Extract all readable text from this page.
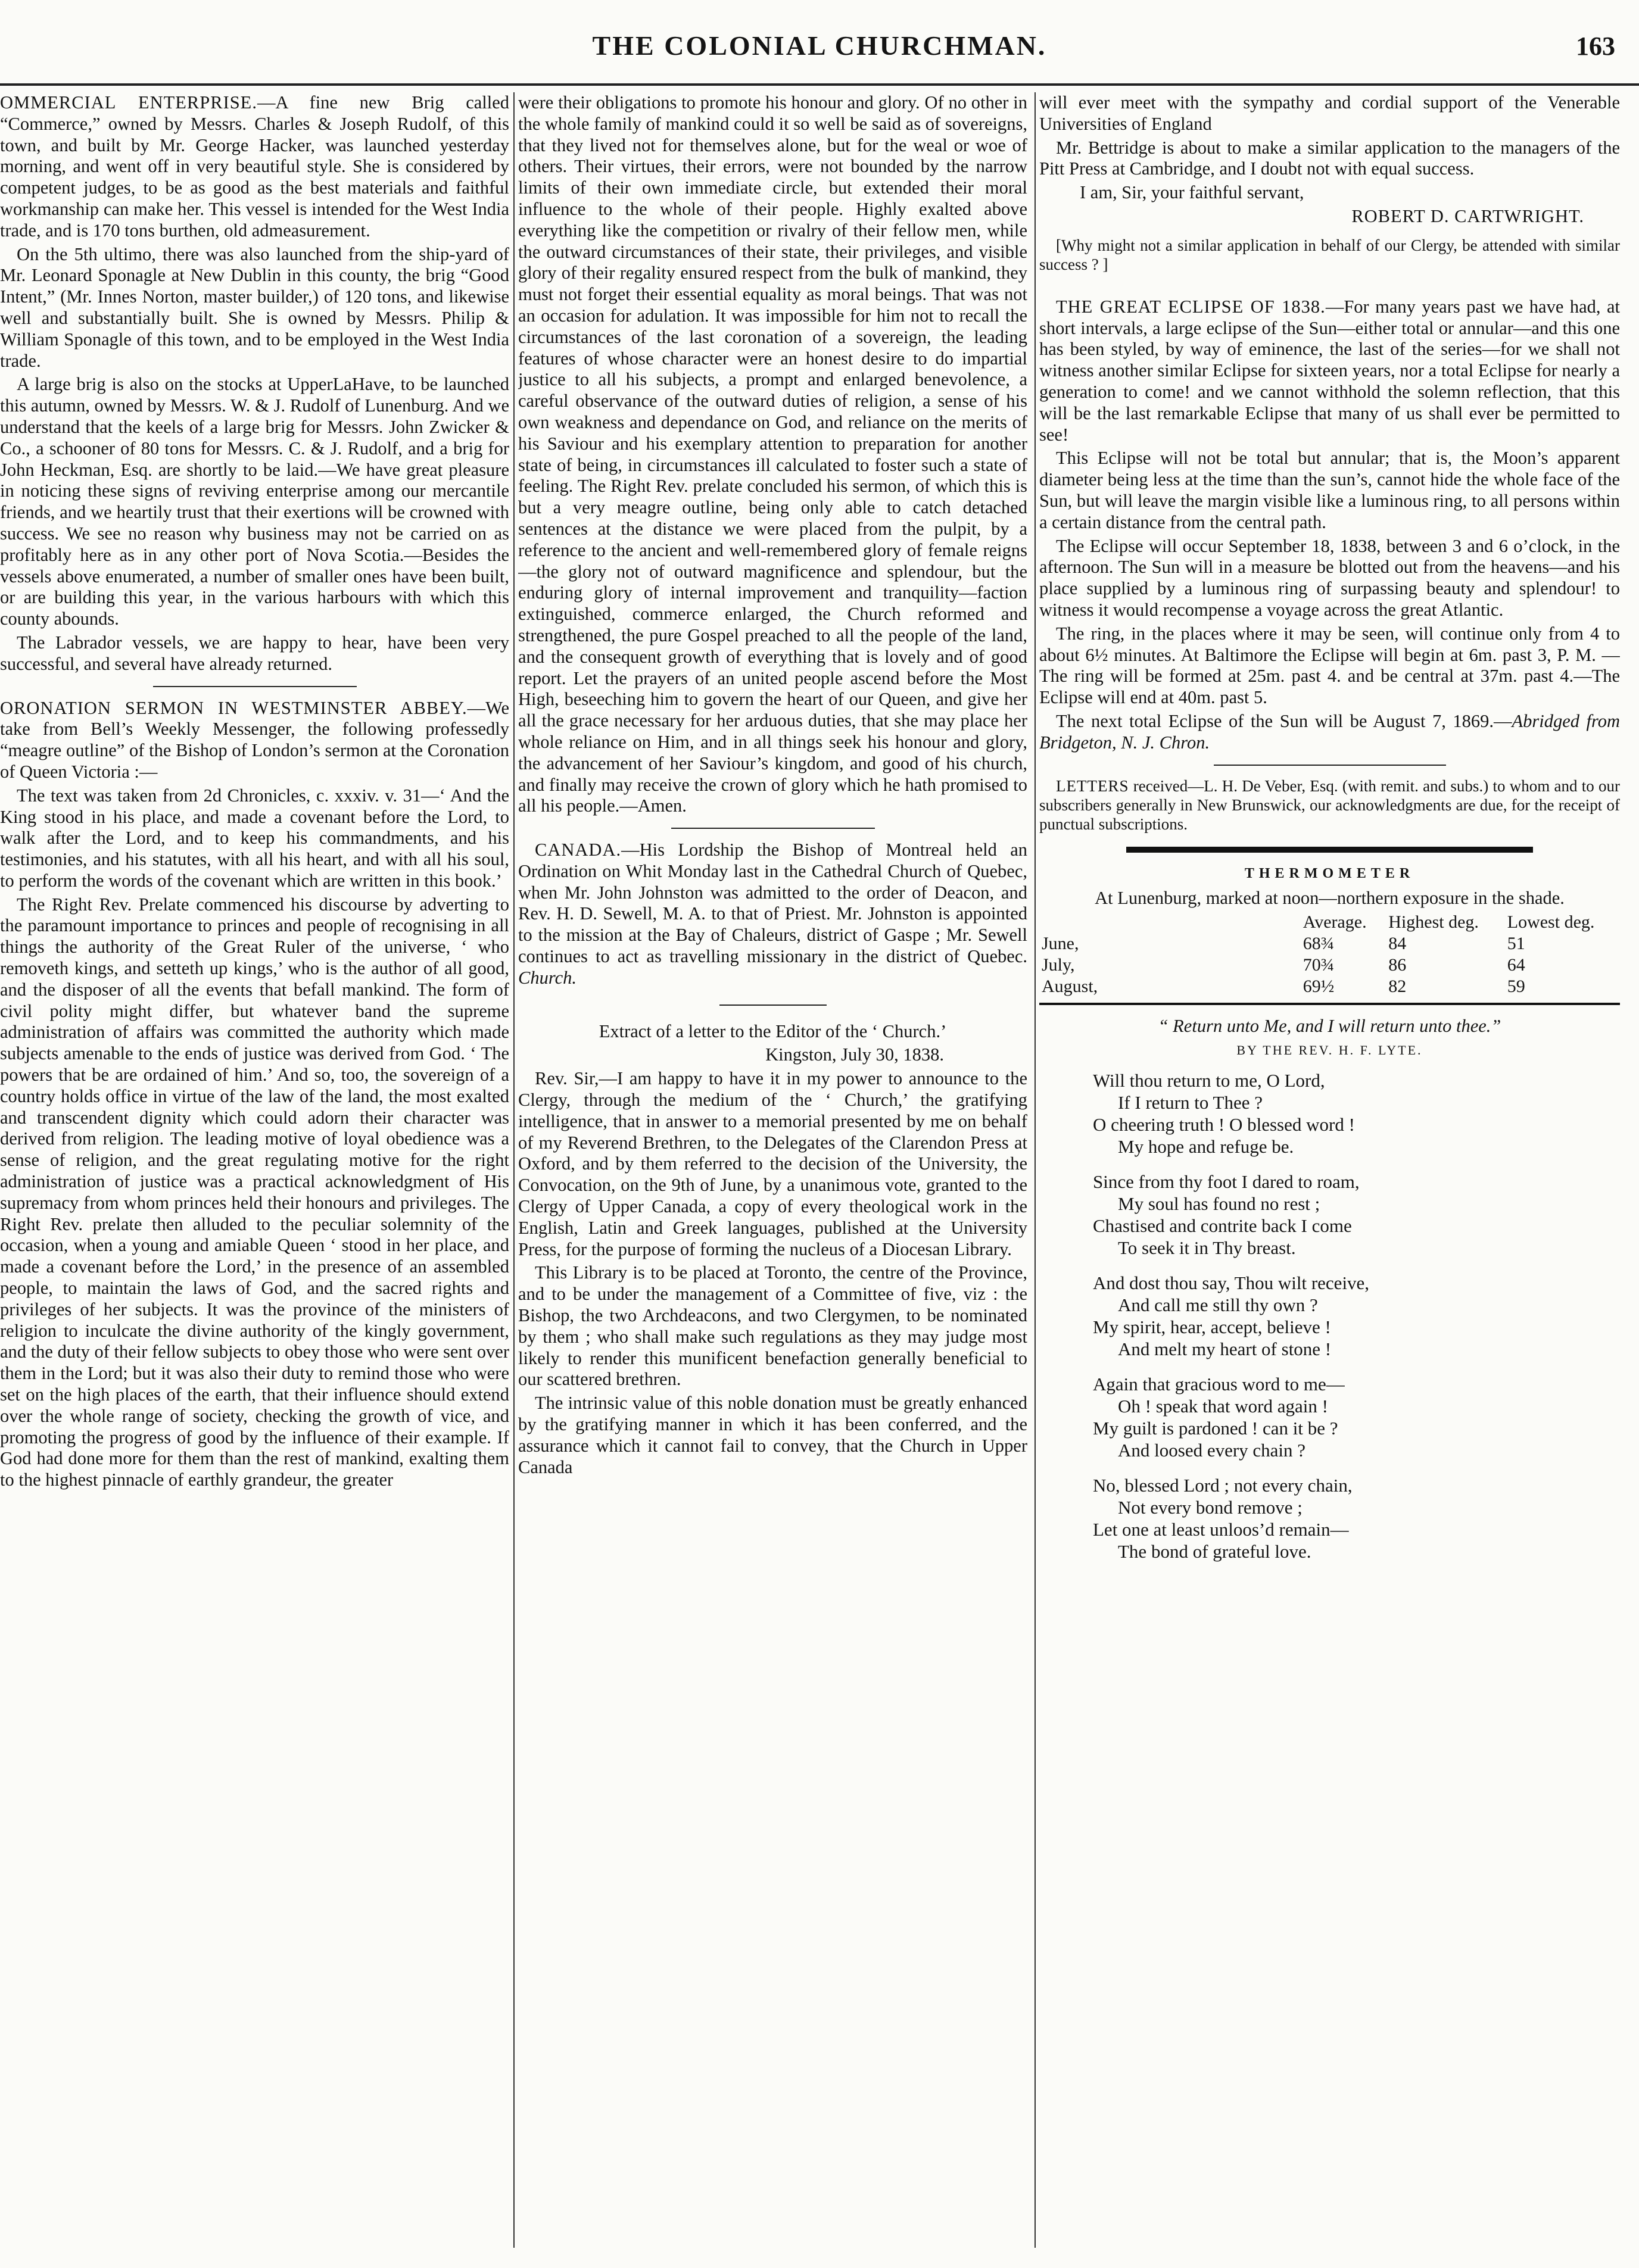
THE COLONIAL CHURCHMAN.	163

OMMERCIAL ENTERPRISE.—A fine new Brig called “Commerce,” owned by Messrs. Charles & Joseph Rudolf, of this town, and built by Mr. George Hacker, was launched yesterday morning, and went off in very beautiful style. She is considered by competent judges, to be as good as the best materials and faithful workmanship can make her. This vessel is intended for the West India trade, and is 170 tons burthen, old admeasurement.

On the 5th ultimo, there was also launched from the ship-yard of Mr. Leonard Sponagle at New Dublin in this county, the brig “Good Intent,” (Mr. Innes Norton, master builder,) of 120 tons, and likewise well and substantially built. She is owned by Messrs. Philip & William Sponagle of this town, and to be employed in the West India trade.

A large brig is also on the stocks at UpperLaHave, to be launched this autumn, owned by Messrs. W. & J. Rudolf of Lunenburg. And we understand that the keels of a large brig for Messrs. John Zwicker & Co., a schooner of 80 tons for Messrs. C. & J. Rudolf, and a brig for John Heckman, Esq. are shortly to be laid.—We have great pleasure in noticing these signs of reviving enterprise among our mercantile friends, and we heartily trust that their exertions will be crowned with success. We see no reason why business may not be carried on as profitably here as in any other port of Nova Scotia.—Besides the vessels above enumerated, a number of smaller ones have been built, or are building this year, in the various harbours with which this county abounds.

The Labrador vessels, we are happy to hear, have been very successful, and several have already returned.

ORONATION SERMON IN WESTMINSTER ABBEY.—We take from Bell’s Weekly Messenger, the following professedly “meagre outline” of the Bishop of London’s sermon at the Coronation of Queen Victoria :—

The text was taken from 2d Chronicles, c. xxxiv. v. 31—‘ And the King stood in his place, and made a covenant before the Lord, to walk after the Lord, and to keep his commandments, and his testimonies, and his statutes, with all his heart, and with all his soul, to perform the words of the covenant which are written in this book.’

The Right Rev. Prelate commenced his discourse by adverting to the paramount importance to princes and people of recognising in all things the authority of the Great Ruler of the universe, ‘ who removeth kings, and setteth up kings,’ who is the author of all good, and the disposer of all the events that befall mankind. The form of civil polity might differ, but whatever band the supreme administration of affairs was committed the authority which made subjects amenable to the ends of justice was derived from God. ‘ The powers that be are ordained of him.’ And so, too, the sovereign of a country holds office in virtue of the law of the land, the most exalted and transcendent dignity which could adorn their character was derived from religion. The leading motive of loyal obedience was a sense of religion, and the great regulating motive for the right administration of justice was a practical acknowledgment of His supremacy from whom princes held their honours and privileges. The Right Rev. prelate then alluded to the peculiar solemnity of the occasion, when a young and amiable Queen ‘ stood in her place, and made a covenant before the Lord,’ in the presence of an assembled people, to maintain the laws of God, and the sacred rights and privileges of her subjects. It was the province of the ministers of religion to inculcate the divine authority of the kingly government, and the duty of their fellow subjects to obey those who were sent over them in the Lord; but it was also their duty to remind those who were set on the high places of the earth, that their influence should extend over the whole range of society, checking the growth of vice, and promoting the progress of good by the influence of their example. If God had done more for them than the rest of mankind, exalting them to the highest pinnacle of earthly grandeur, the greater

were their obligations to promote his honour and glory. Of no other in the whole family of mankind could it so well be said as of sovereigns, that they lived not for themselves alone, but for the weal or woe of others. Their virtues, their errors, were not bounded by the narrow limits of their own immediate circle, but extended their moral influence to the whole of their people. Highly exalted above everything like the competition or rivalry of their fellow men, while the outward circumstances of their state, their privileges, and visible glory of their regality ensured respect from the bulk of mankind, they must not forget their essential equality as moral beings. That was not an occasion for adulation. It was impossible for him not to recall the circumstances of the last coronation of a sovereign, the leading features of whose character were an honest desire to do impartial justice to all his subjects, a prompt and enlarged benevolence, a careful observance of the outward duties of religion, a sense of his own weakness and dependance on God, and reliance on the merits of his Saviour and his exemplary attention to preparation for another state of being, in circumstances ill calculated to foster such a state of feeling. The Right Rev. prelate concluded his sermon, of which this is but a very meagre outline, being only able to catch detached sentences at the distance we were placed from the pulpit, by a reference to the ancient and well-remembered glory of female reigns—the glory not of outward magnificence and splendour, but the enduring glory of internal improvement and tranquility—faction extinguished, commerce enlarged, the Church reformed and strengthened, the pure Gospel preached to all the people of the land, and the consequent growth of everything that is lovely and of good report. Let the prayers of an united people ascend before the Most High, beseeching him to govern the heart of our Queen, and give her all the grace necessary for her arduous duties, that she may place her whole reliance on Him, and in all things seek his honour and glory, the advancement of her Saviour’s kingdom, and good of his church, and finally may receive the crown of glory which he hath promised to all his people.—Amen.

CANADA.—His Lordship the Bishop of Montreal held an Ordination on Whit Monday last in the Cathedral Church of Quebec, when Mr. John Johnston was admitted to the order of Deacon, and Rev. H. D. Sewell, M. A. to that of Priest. Mr. Johnston is appointed to the mission at the Bay of Chaleurs, district of Gaspe ; Mr. Sewell continues to act as travelling missionary in the district of Quebec. Church.

Extract of a letter to the Editor of the ‘ Church.’

Kingston, July 30, 1838.

Rev. Sir,—I am happy to have it in my power to announce to the Clergy, through the medium of the ‘ Church,’ the gratifying intelligence, that in answer to a memorial presented by me on behalf of my Reverend Brethren, to the Delegates of the Clarendon Press at Oxford, and by them referred to the decision of the University, the Convocation, on the 9th of June, by a unanimous vote, granted to the Clergy of Upper Canada, a copy of every theological work in the English, Latin and Greek languages, published at the University Press, for the purpose of forming the nucleus of a Diocesan Library.

This Library is to be placed at Toronto, the centre of the Province, and to be under the management of a Committee of five, viz : the Bishop, the two Archdeacons, and two Clergymen, to be nominated by them ; who shall make such regulations as they may judge most likely to render this munificent benefaction generally beneficial to our scattered brethren.

The intrinsic value of this noble donation must be greatly enhanced by the gratifying manner in which it has been conferred, and the assurance which it cannot fail to convey, that the Church in Upper Canada

will ever meet with the sympathy and cordial support of the Venerable Universities of England

Mr. Bettridge is about to make a similar application to the managers of the Pitt Press at Cambridge, and I doubt not with equal success.

I am, Sir, your faithful servant,

ROBERT D. CARTWRIGHT.

[Why might not a similar application in behalf of our Clergy, be attended with similar success ? ]

THE GREAT ECLIPSE OF 1838.—For many years past we have had, at short intervals, a large eclipse of the Sun—either total or annular—and this one has been styled, by way of eminence, the last of the series—for we shall not witness another similar Eclipse for sixteen years, nor a total Eclipse for nearly a generation to come! and we cannot withhold the solemn reflection, that this will be the last remarkable Eclipse that many of us shall ever be permitted to see!

This Eclipse will not be total but annular; that is, the Moon’s apparent diameter being less at the time than the sun’s, cannot hide the whole face of the Sun, but will leave the margin visible like a luminous ring, to all persons within a certain distance from the central path.

The Eclipse will occur September 18, 1838, between 3 and 6 o’clock, in the afternoon. The Sun will in a measure be blotted out from the heavens—and his place supplied by a luminous ring of surpassing beauty and splendour! to witness it would recompense a voyage across the great Atlantic.

The ring, in the places where it may be seen, will continue only from 4 to about 6½ minutes. At Baltimore the Eclipse will begin at 6m. past 3, P. M. —The ring will be formed at 25m. past 4. and be central at 37m. past 4.—The Eclipse will end at 40m. past 5.

The next total Eclipse of the Sun will be August 7, 1869.—Abridged from Bridgeton, N. J. Chron.

LETTERS received—L. H. De Veber, Esq. (with remit. and subs.) to whom and to our subscribers generally in New Brunswick, our acknowledgments are due, for the receipt of punctual subscriptions.

THERMOMETER

At Lunenburg, marked at noon—northern exposure in the shade.

	Average.	Highest deg.	Lowest deg.
June,	68¾	84	51
July,	70¾	86	64
August,	69½	82	59

“ Return unto Me, and I will return unto thee.”

BY THE REV. H. F. LYTE.
Will thou return to me, O Lord,
If I return to Thee ?
O cheering truth ! O blessed word !
My hope and refuge be.
Since from thy foot I dared to roam,
My soul has found no rest ;
Chastised and contrite back I come
To seek it in Thy breast.
And dost thou say, Thou wilt receive,
And call me still thy own ?
My spirit, hear, accept, believe !
And melt my heart of stone !
Again that gracious word to me—
Oh ! speak that word again !
My guilt is pardoned ! can it be ?
And loosed every chain ?
No, blessed Lord ; not every chain,
Not every bond remove ;
Let one at least unloos’d remain—
The bond of grateful love.
